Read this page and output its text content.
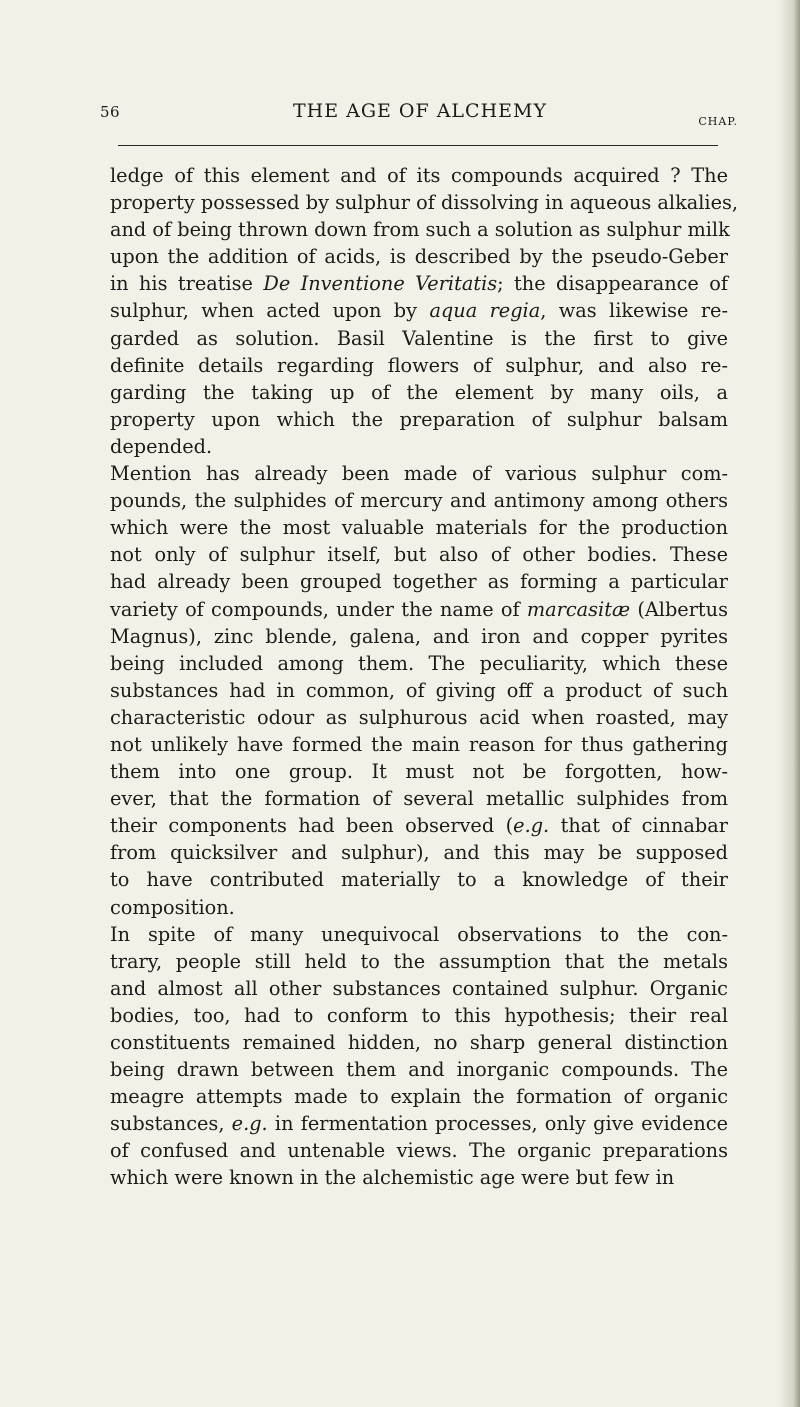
56	THE AGE OF ALCHEMY	CHAP.

ledge of this element and of its compounds acquired ? The
property possessed by sulphur of dissolving in aqueous alkalies,
and of being thrown down from such a solution as sulphur milk
upon the addition of acids, is described by the pseudo-Geber
in his treatise De Inventione Veritatis; the disappearance of
sulphur, when acted upon by aqua regia, was likewise re-
garded as solution. Basil Valentine is the first to give
definite details regarding flowers of sulphur, and also re-
garding the taking up of the element by many oils, a
property upon which the preparation of sulphur balsam
depended.

Mention has already been made of various sulphur com-
pounds, the sulphides of mercury and antimony among others
which were the most valuable materials for the production
not only of sulphur itself, but also of other bodies. These
had already been grouped together as forming a particular
variety of compounds, under the name of marcasitæ (Albertus
Magnus), zinc blende, galena, and iron and copper pyrites
being included among them. The peculiarity, which these
substances had in common, of giving off a product of such
characteristic odour as sulphurous acid when roasted, may
not unlikely have formed the main reason for thus gathering
them into one group. It must not be forgotten, how-
ever, that the formation of several metallic sulphides from
their components had been observed (e.g. that of cinnabar
from quicksilver and sulphur), and this may be supposed
to have contributed materially to a knowledge of their
composition.

In spite of many unequivocal observations to the con-
trary, people still held to the assumption that the metals
and almost all other substances contained sulphur. Organic
bodies, too, had to conform to this hypothesis; their real
constituents remained hidden, no sharp general distinction
being drawn between them and inorganic compounds. The
meagre attempts made to explain the formation of organic
substances, e.g. in fermentation processes, only give evidence
of confused and untenable views. The organic preparations
which were known in the alchemistic age were but few in
